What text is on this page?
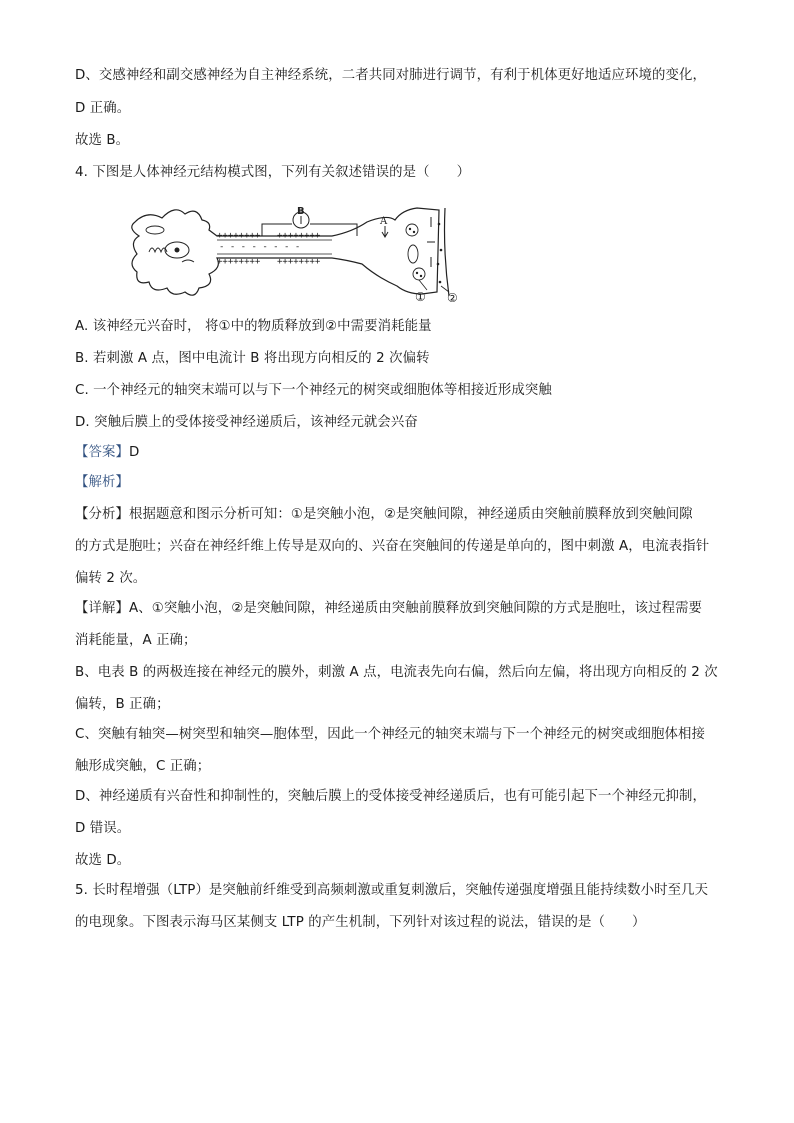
D、交感神经和副交感神经为自主神经系统，二者共同对肺进行调节，有利于机体更好地适应环境的变化，
D 正确。
故选 B。
4. 下图是人体神经元结构模式图，下列有关叙述错误的是（　　）
++++++++ ++++++++
- - - - - - - -
++++++++ ++++++++
B
A
① ②
A. 该神经元兴奋时， 将①中的物质释放到②中需要消耗能量
B. 若刺激 A 点，图中电流计 B 将出现方向相反的 2 次偏转
C. 一个神经元的轴突末端可以与下一个神经元的树突或细胞体等相接近形成突触
D. 突触后膜上的受体接受神经递质后，该神经元就会兴奋
【答案】D
【解析】
【分析】根据题意和图示分析可知：①是突触小泡，②是突触间隙，神经递质由突触前膜释放到突触间隙
的方式是胞吐；兴奋在神经纤维上传导是双向的、兴奋在突触间的传递是单向的，图中刺激 A，电流表指针
偏转 2 次。
【详解】A、①突触小泡，②是突触间隙，神经递质由突触前膜释放到突触间隙的方式是胞吐，该过程需要
消耗能量，A 正确；
B、电表 B 的两极连接在神经元的膜外，刺激 A 点，电流表先向右偏，然后向左偏，将出现方向相反的 2 次
偏转，B 正确；
C、突触有轴突—树突型和轴突—胞体型，因此一个神经元的轴突末端与下一个神经元的树突或细胞体相接
触形成突触，C 正确；
D、神经递质有兴奋性和抑制性的，突触后膜上的受体接受神经递质后，也有可能引起下一个神经元抑制，
D 错误。
故选 D。
5. 长时程增强（LTP）是突触前纤维受到高频刺激或重复刺激后，突触传递强度增强且能持续数小时至几天
的电现象。下图表示海马区某侧支 LTP 的产生机制，下列针对该过程的说法，错误的是（　　）
